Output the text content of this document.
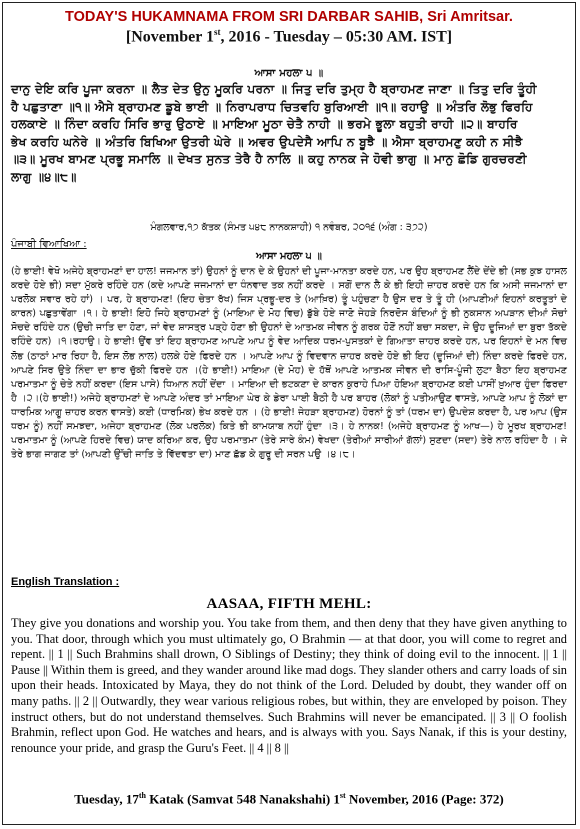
TODAY'S HUKAMNAMA FROM SRI DARBAR SAHIB, Sri Amritsar.
[November 1st, 2016 - Tuesday – 05:30 AM. IST]
ਆਸਾ ਮਹਲਾ ੫ ॥
ਦਾਨੁ ਦੇਇ ਕਰਿ ਪੂਜਾ ਕਰਨਾ ॥ ਲੈਤ ਦੇਤ ਉਨੁ ਮੂਕਰਿ ਪਰਨਾ ॥ ਜਿਤੁ ਦਰਿ ਤੁਮ੍ਹ ਹੈ ਬ੍ਰਾਹਮਣ ਜਾਣਾ ॥ ਤਿਤੁ ਦਰਿ ਤੂੰਹੀ
ਹੈ ਪਛੁਤਾਣਾ ॥੧॥ ਐਸੇ ਬ੍ਰਾਹਮਣ ਡੂਬੇ ਭਾਈ ॥ ਨਿਰਾਪਰਾਧ ਚਿਤਵਹਿ ਬੁਰਿਆਈ ॥੧॥ ਰਹਾਉ ॥ ਅੰਤਰਿ ਲੋਭੁ ਫਿਰਹਿ
ਹਲਕਾਏ ॥ ਨਿੰਦਾ ਕਰਹਿ ਸਿਰਿ ਭਾਰੁ ਉਠਾਏ ॥ ਮਾਇਆ ਮੂਠਾ ਚੇਤੈ ਨਾਹੀ ॥ ਭਰਮੇ ਭੂਲਾ ਬਹੁਤੀ ਰਾਹੀ ॥੨॥ ਬਾਹਰਿ
ਭੇਖ ਕਰਹਿ ਘਨੇਰੇ ॥ ਅੰਤਰਿ ਬਿਖਿਆ ਉਤਰੀ ਘੇਰੇ ॥ ਅਵਰ ਉਪਦੇਸੈ ਆਪਿ ਨ ਬੂਝੈ ॥ ਐਸਾ ਬ੍ਰਾਹਮਣੁ ਕਹੀ ਨ ਸੀਝੈ
॥੩॥ ਮੂਰਖ ਬਾਮਣ ਪ੍ਰਭੂ ਸਮਾਲਿ ॥ ਦੇਖਤ ਸੁਨਤ ਤੇਰੈ ਹੈ ਨਾਲਿ ॥ ਕਹੁ ਨਾਨਕ ਜੇ ਹੋਵੀ ਭਾਗੁ ॥ ਮਾਨੁ ਛੋਡਿ ਗੁਰਚਰਣੀ
ਲਾਗੁ ॥੪॥੮॥
ਮੰਗਲਵਾਰ,੧੭ ਕੱਤਕ (ਸੰਮਤ ੫੪੮ ਨਾਨਕਸ਼ਾਹੀ) ੧ ਨਵੰਬਰ, ੨੦੧੬ (ਅੰਗ : ੩੭੨)
ਪੰਜਾਬੀ ਵਿਆਖਿਆ :
ਆਸਾ ਮਹਲਾ ੫ ॥
(ਹੇ ਭਾਈ! ਵੇਖੋ ਅਜੇਹੇ ਬ੍ਰਾਹਮਣਾਂ ਦਾ ਹਾਲ! ਜਜਮਾਨ ਤਾਂ) ਉਹਨਾਂ ਨੂੰ ਦਾਨ ਦੇ ਕੇ ਉਹਨਾਂ ਦੀ ਪੂਜਾ-ਮਾਨਤਾ ਕਰਦੇ ਹਨ, ਪਰ ਉਹ ਬ੍ਰਾਹਮਣ ਲੈਂਦੇ ਦੇਂਦੇ ਭੀ (ਸਭ ਕੁਝ ਹਾਸਲ ਕਰਦੇ ਹੋਏ ਭੀ) ਸਦਾ ਮੁੱਕਰੇ ਰਹਿੰਦੇ ਹਨ (ਕਦੇ ਆਪਣੇ ਜਜਮਾਨਾਂ ਦਾ ਧੰਨਵਾਦ ਤਕ ਨਹੀਂ ਕਰਦੇ । ਸਗੋਂ ਦਾਨ ਲੈ ਕੇ ਭੀ ਇਹੀ ਜ਼ਾਹਰ ਕਰਦੇ ਹਨ ਕਿ ਅਸੀ ਜਜਮਾਨਾਂ ਦਾ ਪਰਲੋਕ ਸਵਾਰ ਰਹੇ ਹਾਂ) । ਪਰ, ਹੇ ਬ੍ਰਾਹਮਣ! (ਇਹ ਚੇਤਾ ਰੱਖ) ਜਿਸ ਪ੍ਰਭੂ-ਦਰ ਤੇ (ਆਖ਼ਿਰ) ਤੂੰ ਪਹੁੰਚਣਾ ਹੈ ਉਸ ਦਰ ਤੇ ਤੂੰ ਹੀ (ਆਪਣੀਆਂ ਇਹਨਾਂ ਕਰਤੂਤਾਂ ਦੇ ਕਾਰਨ) ਪਛੁਤਾਵੇਂਗਾ ।੧। ਹੇ ਭਾਈ! ਇਹੋ ਜਿਹੇ ਬ੍ਰਾਹਮਣਾਂ ਨੂੰ (ਮਾਇਆ ਦੇ ਮੋਹ ਵਿਚ) ਡੁੱਬੇ ਹੋਏ ਜਾਣੋ ਜੇਹੜੇ ਨਿਰਦੋਸ ਬੰਦਿਆਂ ਨੂੰ ਭੀ ਨੁਕਸਾਨ ਅਪੜਾਨ ਦੀਆਂ ਸੋਚਾਂ ਸੋਚਦੇ ਰਹਿੰਦੇ ਹਨ (ਉਚੀ ਜਾਤਿ ਦਾ ਹੋਣਾ, ਜਾਂ ਵੇਦ ਸ਼ਾਸਤ੍ਰ ਪੜ੍ਹੇ ਹੋਣਾ ਭੀ ਉਹਨਾਂ ਦੇ ਆਤਮਕ ਜੀਵਨ ਨੂੰ ਗਰਕ ਹੋਣੋਂ ਨਹੀਂ ਬਚਾ ਸਕਦਾ, ਜੇ ਉਹ ਦੂਜਿਆਂ ਦਾ ਬੁਰਾ ਤੱਕਦੇ ਰਹਿੰਦੇ ਹਨ) ।੧।ਰਹਾਉ। ਹੇ ਭਾਈ! ਉਂਞ ਤਾਂ ਇਹ ਬ੍ਰਾਹਮਣ ਆਪਣੇ ਆਪ ਨੂੰ ਵੇਦ ਆਦਿਕ ਧਰਮ-ਪੁਸਤਕਾਂ ਦੇ ਗਿਆਤਾ ਜ਼ਾਹਰ ਕਰਦੇ ਹਨ, ਪਰ ਇਹਨਾਂ ਦੇ ਮਨ ਵਿਚ ਲੋਭ (ਠਾਠਾਂ ਮਾਰ ਰਿਹਾ ਹੈ, ਇਸ ਲੋਭ ਨਾਲ) ਹਲਕੇ ਹੋਏ ਫਿਰਦੇ ਹਨ । ਆਪਣੇ ਆਪ ਨੂੰ ਵਿਦਵਾਨ ਜ਼ਾਹਰ ਕਰਦੇ ਹੋਏ ਭੀ ਇਹ (ਦੂਜਿਆਂ ਦੀ) ਨਿੰਦਾ ਕਰਦੇ ਫਿਰਦੇ ਹਨ, ਆਪਣੇ ਸਿਰ ਉਤੇ ਨਿੰਦਾ ਦਾ ਭਾਰ ਚੁੱਕੀ ਫਿਰਦੇ ਹਨ ।(ਹੇ ਭਾਈ!) ਮਾਇਆ (ਦੇ ਮੋਹ) ਦੇ ਹੱਥੋਂ ਆਪਣੇ ਆਤਮਕ ਜੀਵਨ ਦੀ ਰਾਸਿ-ਪੂੰਜੀ ਲੁਟਾ ਬੈਠਾ ਇਹ ਬ੍ਰਾਹਮਣ ਪਰਮਾਤਮਾ ਨੂੰ ਚੇਤੇ ਨਹੀਂ ਕਰਦਾ (ਇਸ ਪਾਸੇ) ਧਿਆਨ ਨਹੀਂ ਦੇਂਦਾ । ਮਾਇਆ ਦੀ ਭਟਕਣਾ ਦੇ ਕਾਰਨ ਕੁਰਾਹੇ ਪਿਆ ਹੋਇਆ ਬ੍ਰਾਹਮਣ ਕਈ ਪਾਸੀਂ ਖ਼ੁਆਰ ਹੁੰਦਾ ਫਿਰਦਾ ਹੈ ।੨।(ਹੇ ਭਾਈ!) ਅਜੇਹੇ ਬ੍ਰਾਹਮਣਾਂ ਦੇ ਆਪਣੇ ਅੰਦਰ ਤਾਂ ਮਾਇਆ ਘੇਰ ਕੇ ਡੇਰਾ ਪਾਈ ਬੈਠੀ ਹੈ ਪਰ ਬਾਹਰ (ਲੋਕਾਂ ਨੂੰ ਪਤੀਆਉਣ ਵਾਸਤੇ, ਆਪਣੇ ਆਪ ਨੂੰ ਲੋਕਾਂ ਦਾ ਧਾਰਮਿਕ ਆਗੂ ਜ਼ਾਹਰ ਕਰਨ ਵਾਸਤੇ) ਕਈ (ਧਾਰਮਿਕ) ਭੇਖ ਕਰਦੇ ਹਨ । (ਹੇ ਭਾਈ! ਜੇਹੜਾ ਬ੍ਰਾਹਮਣ) ਹੋਰਨਾਂ ਨੂੰ ਤਾਂ (ਧਰਮ ਦਾ) ਉਪਦੇਸ਼ ਕਰਦਾ ਹੈ, ਪਰ ਆਪ (ਉਸ ਧਰਮ ਨੂੰ) ਨਹੀਂ ਸਮਝਦਾ, ਅਜੇਹਾ ਬ੍ਰਾਹਮਣ (ਲੋਕ ਪਰਲੋਕ) ਕਿਤੇ ਭੀ ਕਾਮਯਾਬ ਨਹੀਂ ਹੁੰਦਾ ।੩। ਹੇ ਨਾਨਕ! (ਅਜੇਹੇ ਬ੍ਰਾਹਮਣ ਨੂੰ ਆਖ—) ਹੇ ਮੂਰਖ ਬ੍ਰਾਹਮਣ! ਪਰਮਾਤਮਾ ਨੂੰ (ਆਪਣੇ ਹਿਰਦੇ ਵਿਚ) ਯਾਦ ਕਰਿਆ ਕਰ, ਉਹ ਪਰਮਾਤਮਾ (ਤੇਰੇ ਸਾਰੇ ਕੰਮ) ਵੇਖਦਾ (ਤੇਰੀਆਂ ਸਾਰੀਆਂ ਗੱਲਾਂ) ਸੁਣਦਾ (ਸਦਾ) ਤੇਰੇ ਨਾਲ ਰਹਿੰਦਾ ਹੈ । ਜੇ ਤੇਰੇ ਭਾਗ ਜਾਗਣ ਤਾਂ (ਆਪਣੀ ਉੱਚੀ ਜਾਤਿ ਤੇ ਵਿੱਦਵਤਾ ਦਾ) ਮਾਣ ਛੱਡ ਕੇ ਗੁਰੂ ਦੀ ਸਰਨ ਪਉ ।੪।੮।
English Translation :
AASAA, FIFTH MEHL:
They give you donations and worship you. You take from them, and then deny that they have given anything to you. That door, through which you must ultimately go, O Brahmin — at that door, you will come to regret and repent. || 1 || Such Brahmins shall drown, O Siblings of Destiny; they think of doing evil to the innocent. || 1 || Pause || Within them is greed, and they wander around like mad dogs. They slander others and carry loads of sin upon their heads. Intoxicated by Maya, they do not think of the Lord. Deluded by doubt, they wander off on many paths. || 2 || Outwardly, they wear various religious robes, but within, they are enveloped by poison. They instruct others, but do not understand themselves. Such Brahmins will never be emancipated. || 3 || O foolish Brahmin, reflect upon God. He watches and hears, and is always with you. Says Nanak, if this is your destiny, renounce your pride, and grasp the Guru's Feet. || 4 || 8 ||
Tuesday, 17th Katak (Samvat 548 Nanakshahi) 1st November, 2016 (Page: 372)
